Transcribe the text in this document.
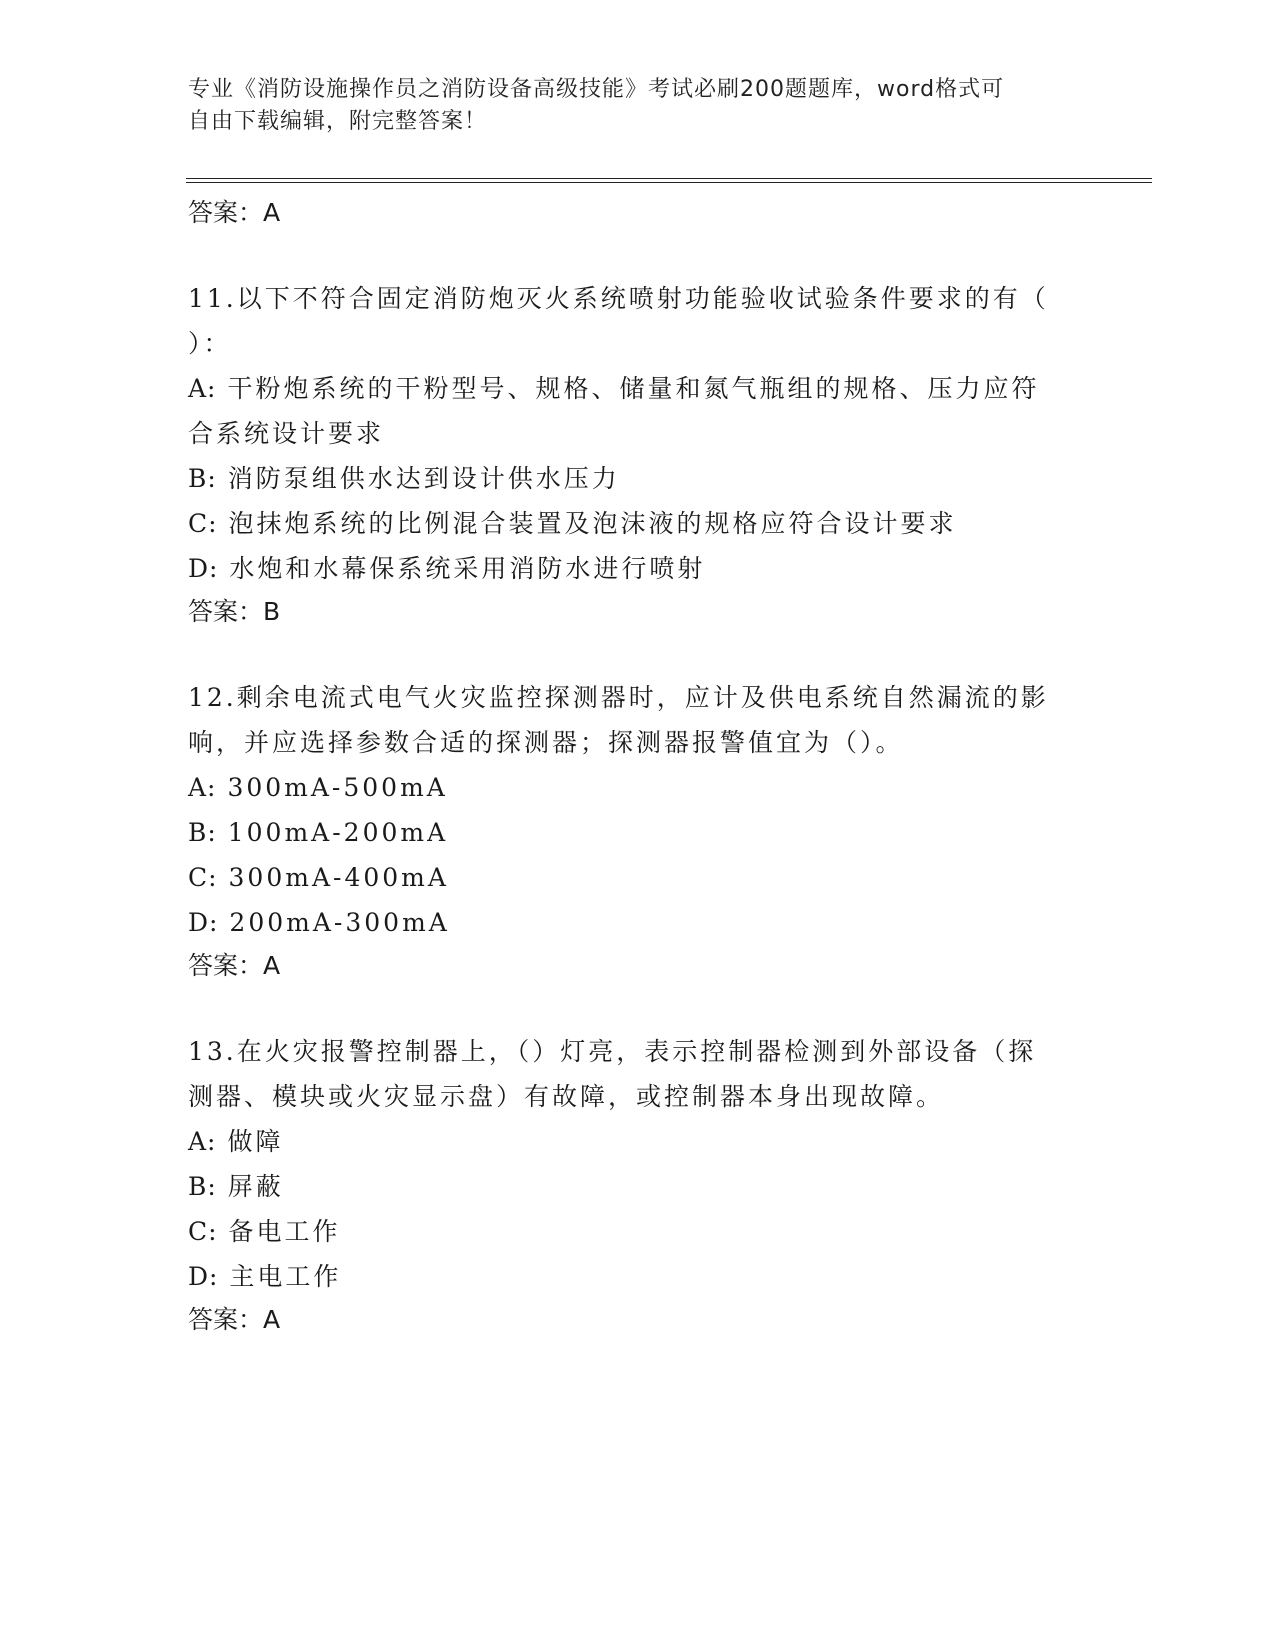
专业《消防设施操作员之消防设备高级技能》考试必刷200题题库，word格式可
自由下载编辑，附完整答案！
答案：A
11.以下不符合固定消防炮灭火系统喷射功能验收试验条件要求的有（
）：
A: 干粉炮系统的干粉型号、规格、储量和氮气瓶组的规格、压力应符
合系统设计要求
B: 消防泵组供水达到设计供水压力
C: 泡抹炮系统的比例混合装置及泡沫液的规格应符合设计要求
D: 水炮和水幕保系统采用消防水进行喷射
答案：B
12.剩余电流式电气火灾监控探测器时，应计及供电系统自然漏流的影
响，并应选择参数合适的探测器；探测器报警值宜为（）。
A: 300mA-500mA
B: 100mA-200mA
C: 300mA-400mA
D: 200mA-300mA
答案：A
13.在火灾报警控制器上，（）灯亮，表示控制器检测到外部设备（探
测器、模块或火灾显示盘）有故障，或控制器本身出现故障。
A: 做障
B: 屏蔽
C: 备电工作
D: 主电工作
答案：A
